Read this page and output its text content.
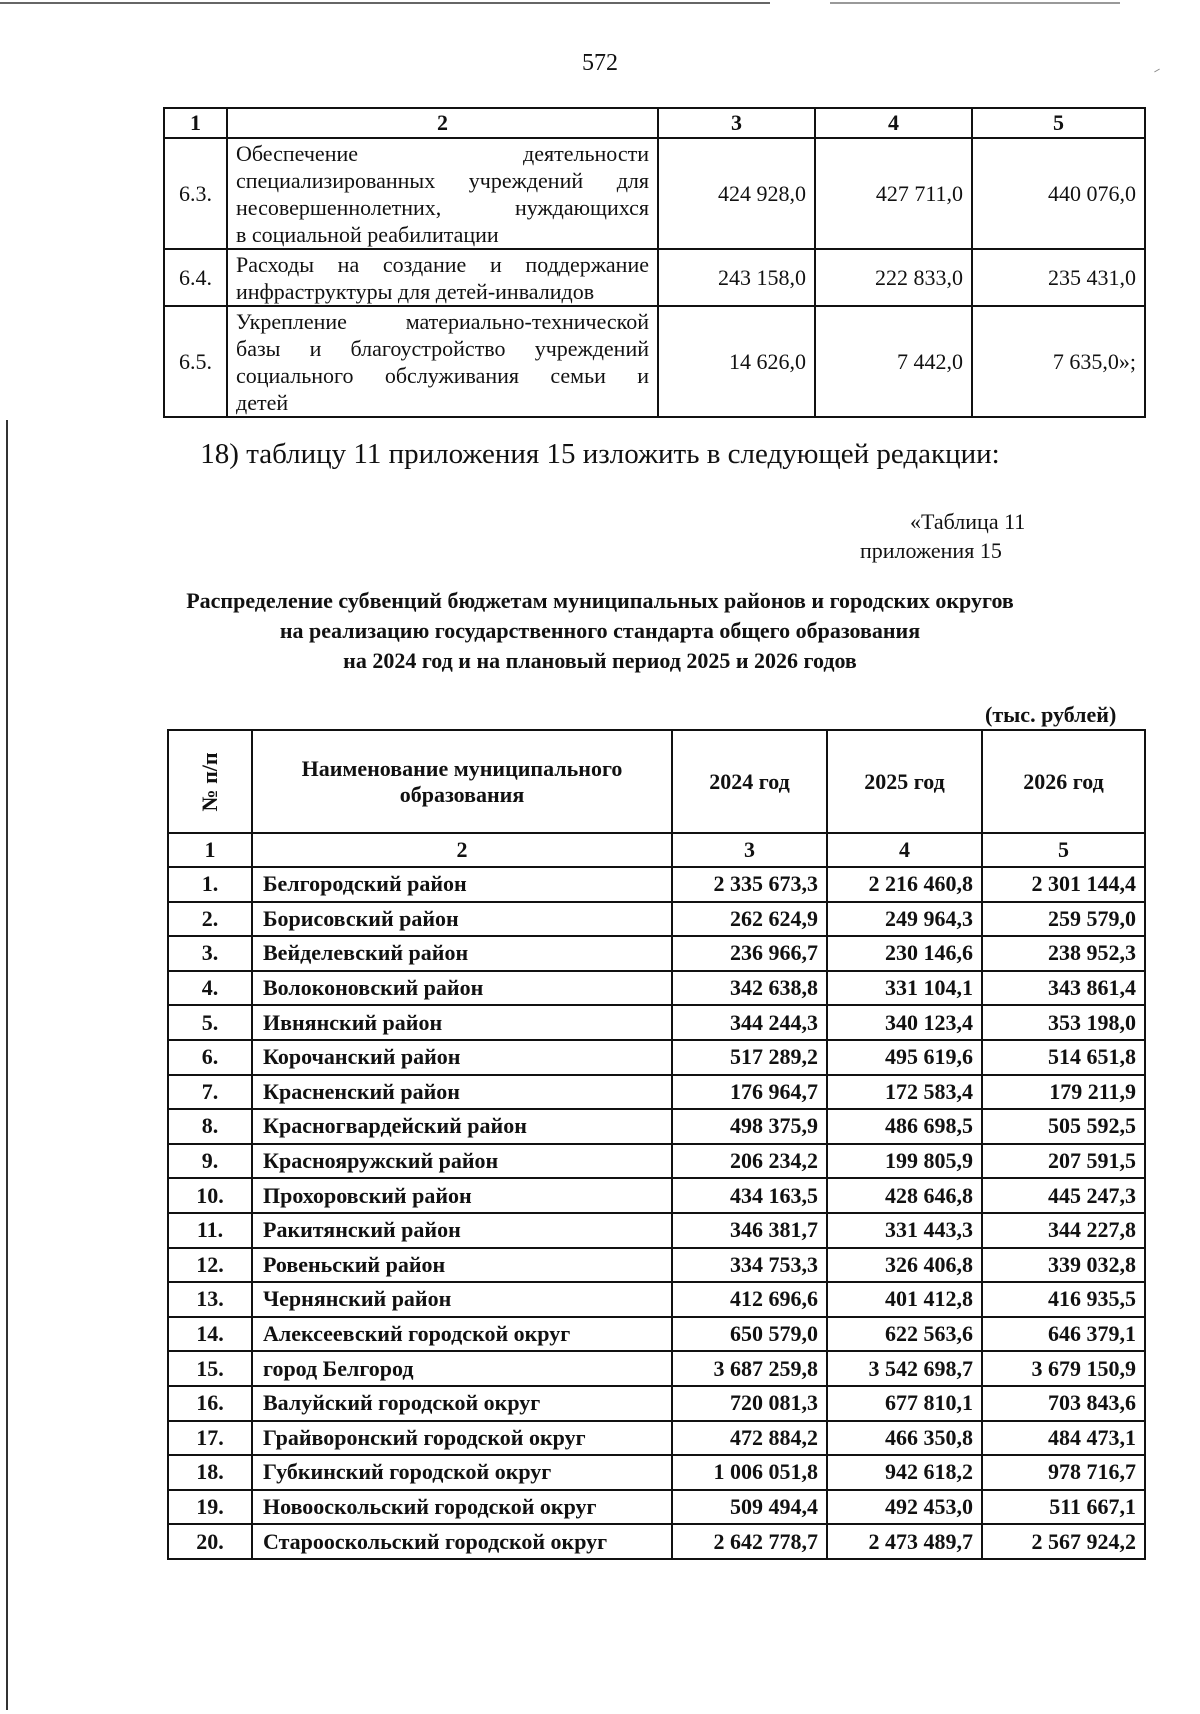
572
1	2	3	4	5
6.3.	Обеспечение деятельности
специализированных учреждений для
несовершеннолетних, нуждающихся
в социальной реабилитации	424 928,0	427 711,0	440 076,0
6.4.	Расходы на создание и поддержание
инфраструктуры для детей-инвалидов	243 158,0	222 833,0	235 431,0
6.5.	Укрепление материально-технической
базы и благоустройство учреждений
социального обслуживания семьи и
детей	14 626,0	7 442,0	7 635,0»;
18) таблицу 11 приложения 15 изложить в следующей редакции:
«Таблица 11
приложения 15
Распределение субвенций бюджетам муниципальных районов и городских округов
на реализацию государственного стандарта общего образования
на 2024 год и на плановый период 2025 и 2026 годов
(тыс. рублей)
№ п/п	Наименование муниципального образования	2024 год	2025 год	2026 год
1	2	3	4	5
1.	Белгородский район	2 335 673,3	2 216 460,8	2 301 144,4
2.	Борисовский район	262 624,9	249 964,3	259 579,0
3.	Вейделевский район	236 966,7	230 146,6	238 952,3
4.	Волоконовский район	342 638,8	331 104,1	343 861,4
5.	Ивнянский район	344 244,3	340 123,4	353 198,0
6.	Корочанский район	517 289,2	495 619,6	514 651,8
7.	Красненский район	176 964,7	172 583,4	179 211,9
8.	Красногвардейский район	498 375,9	486 698,5	505 592,5
9.	Краснояружский район	206 234,2	199 805,9	207 591,5
10.	Прохоровский район	434 163,5	428 646,8	445 247,3
11.	Ракитянский район	346 381,7	331 443,3	344 227,8
12.	Ровеньский район	334 753,3	326 406,8	339 032,8
13.	Чернянский район	412 696,6	401 412,8	416 935,5
14.	Алексеевский городской округ	650 579,0	622 563,6	646 379,1
15.	город Белгород	3 687 259,8	3 542 698,7	3 679 150,9
16.	Валуйский городской округ	720 081,3	677 810,1	703 843,6
17.	Грайворонский городской округ	472 884,2	466 350,8	484 473,1
18.	Губкинский городской округ	1 006 051,8	942 618,2	978 716,7
19.	Новооскольский городской округ	509 494,4	492 453,0	511 667,1
20.	Старооскольский городской округ	2 642 778,7	2 473 489,7	2 567 924,2
